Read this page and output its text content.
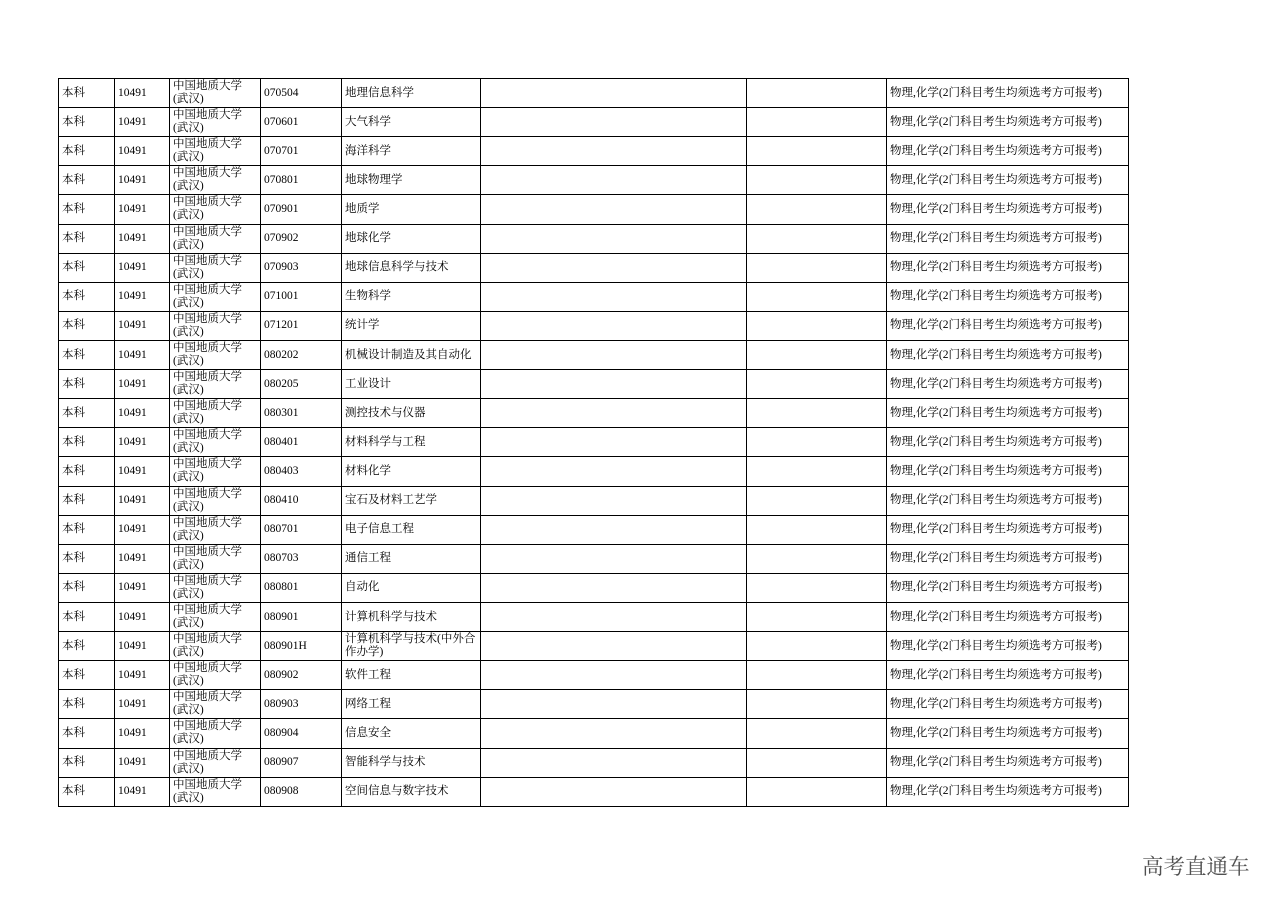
本科	10491	中国地质大学(武汉)	070504	地理信息科学			物理,化学(2门科目考生均须选考方可报考)
本科	10491	中国地质大学(武汉)	070601	大气科学			物理,化学(2门科目考生均须选考方可报考)
本科	10491	中国地质大学(武汉)	070701	海洋科学			物理,化学(2门科目考生均须选考方可报考)
本科	10491	中国地质大学(武汉)	070801	地球物理学			物理,化学(2门科目考生均须选考方可报考)
本科	10491	中国地质大学(武汉)	070901	地质学			物理,化学(2门科目考生均须选考方可报考)
本科	10491	中国地质大学(武汉)	070902	地球化学			物理,化学(2门科目考生均须选考方可报考)
本科	10491	中国地质大学(武汉)	070903	地球信息科学与技术			物理,化学(2门科目考生均须选考方可报考)
本科	10491	中国地质大学(武汉)	071001	生物科学			物理,化学(2门科目考生均须选考方可报考)
本科	10491	中国地质大学(武汉)	071201	统计学			物理,化学(2门科目考生均须选考方可报考)
本科	10491	中国地质大学(武汉)	080202	机械设计制造及其自动化			物理,化学(2门科目考生均须选考方可报考)
本科	10491	中国地质大学(武汉)	080205	工业设计			物理,化学(2门科目考生均须选考方可报考)
本科	10491	中国地质大学(武汉)	080301	测控技术与仪器			物理,化学(2门科目考生均须选考方可报考)
本科	10491	中国地质大学(武汉)	080401	材料科学与工程			物理,化学(2门科目考生均须选考方可报考)
本科	10491	中国地质大学(武汉)	080403	材料化学			物理,化学(2门科目考生均须选考方可报考)
本科	10491	中国地质大学(武汉)	080410	宝石及材料工艺学			物理,化学(2门科目考生均须选考方可报考)
本科	10491	中国地质大学(武汉)	080701	电子信息工程			物理,化学(2门科目考生均须选考方可报考)
本科	10491	中国地质大学(武汉)	080703	通信工程			物理,化学(2门科目考生均须选考方可报考)
本科	10491	中国地质大学(武汉)	080801	自动化			物理,化学(2门科目考生均须选考方可报考)
本科	10491	中国地质大学(武汉)	080901	计算机科学与技术			物理,化学(2门科目考生均须选考方可报考)
本科	10491	中国地质大学(武汉)	080901H	计算机科学与技术(中外合作办学)			物理,化学(2门科目考生均须选考方可报考)
本科	10491	中国地质大学(武汉)	080902	软件工程			物理,化学(2门科目考生均须选考方可报考)
本科	10491	中国地质大学(武汉)	080903	网络工程			物理,化学(2门科目考生均须选考方可报考)
本科	10491	中国地质大学(武汉)	080904	信息安全			物理,化学(2门科目考生均须选考方可报考)
本科	10491	中国地质大学(武汉)	080907	智能科学与技术			物理,化学(2门科目考生均须选考方可报考)
本科	10491	中国地质大学(武汉)	080908	空间信息与数字技术			物理,化学(2门科目考生均须选考方可报考)
高考直通车
